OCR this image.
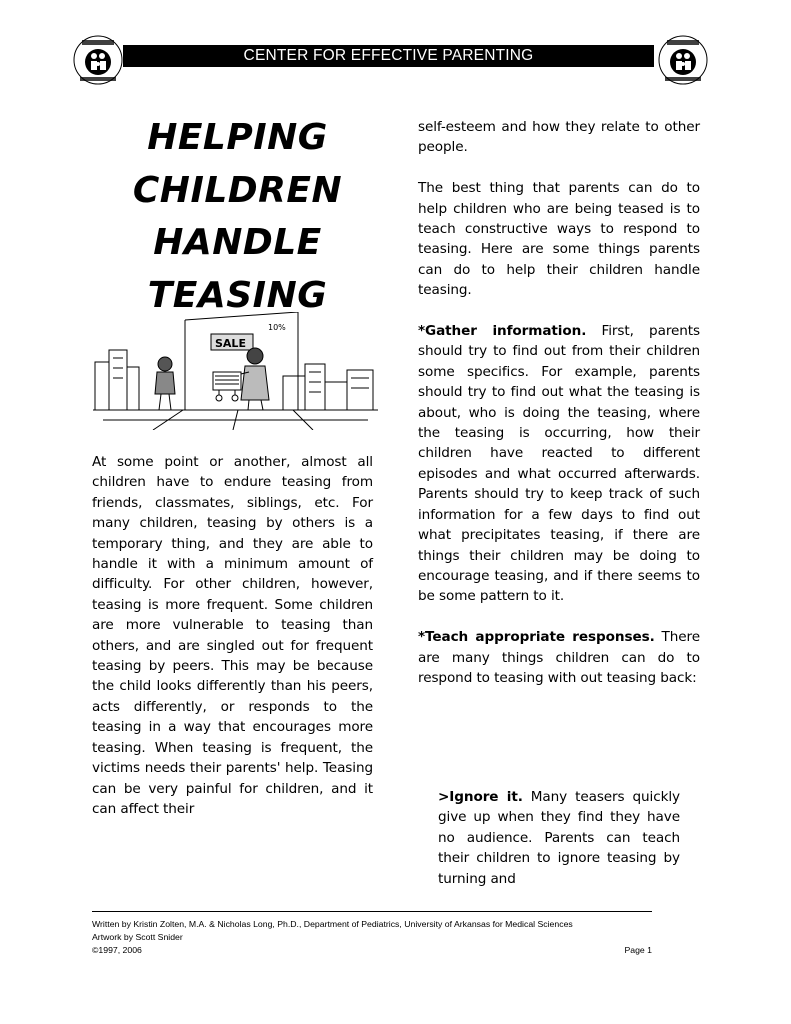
CENTER FOR EFFECTIVE PARENTING
HELPING
CHILDREN
HANDLE
TEASING
SALE
10%

At some point or another, almost all children have to endure teasing from friends, classmates, siblings, etc. For many children, teasing by others is a temporary thing, and they are able to handle it with a minimum amount of difficulty. For other children, however, teasing is more frequent. Some children are more vulnerable to teasing than others, and are singled out for frequent teasing by peers. This may be because the child looks differently than his peers, acts differently, or responds to the teasing in a way that encourages more teasing. When teasing is frequent, the victims needs their parents' help. Teasing can be very painful for children, and it can affect their

self-esteem and how they relate to other people.

The best thing that parents can do to help children who are being teased is to teach constructive ways to respond to teasing. Here are some things parents can do to help their children handle teasing.

*Gather information. First, parents should try to find out from their children some specifics. For example, parents should try to find out what the teasing is about, who is doing the teasing, where the teasing is occurring, how their children have reacted to different episodes and what occurred afterwards. Parents should try to keep track of such information for a few days to find out what precipitates teasing, if there are things their children may be doing to encourage teasing, and if there seems to be some pattern to it.

*Teach appropriate responses. There are many things children can do to respond to teasing with out teasing back:

>Ignore it. Many teasers quickly give up when they find they have no audience. Parents can teach their children to ignore teasing by turning and

Written by Kristin Zolten, M.A. & Nicholas Long, Ph.D., Department of Pediatrics, University of Arkansas for Medical Sciences
Artwork by Scott Snider
©1997, 2006	Page 1
